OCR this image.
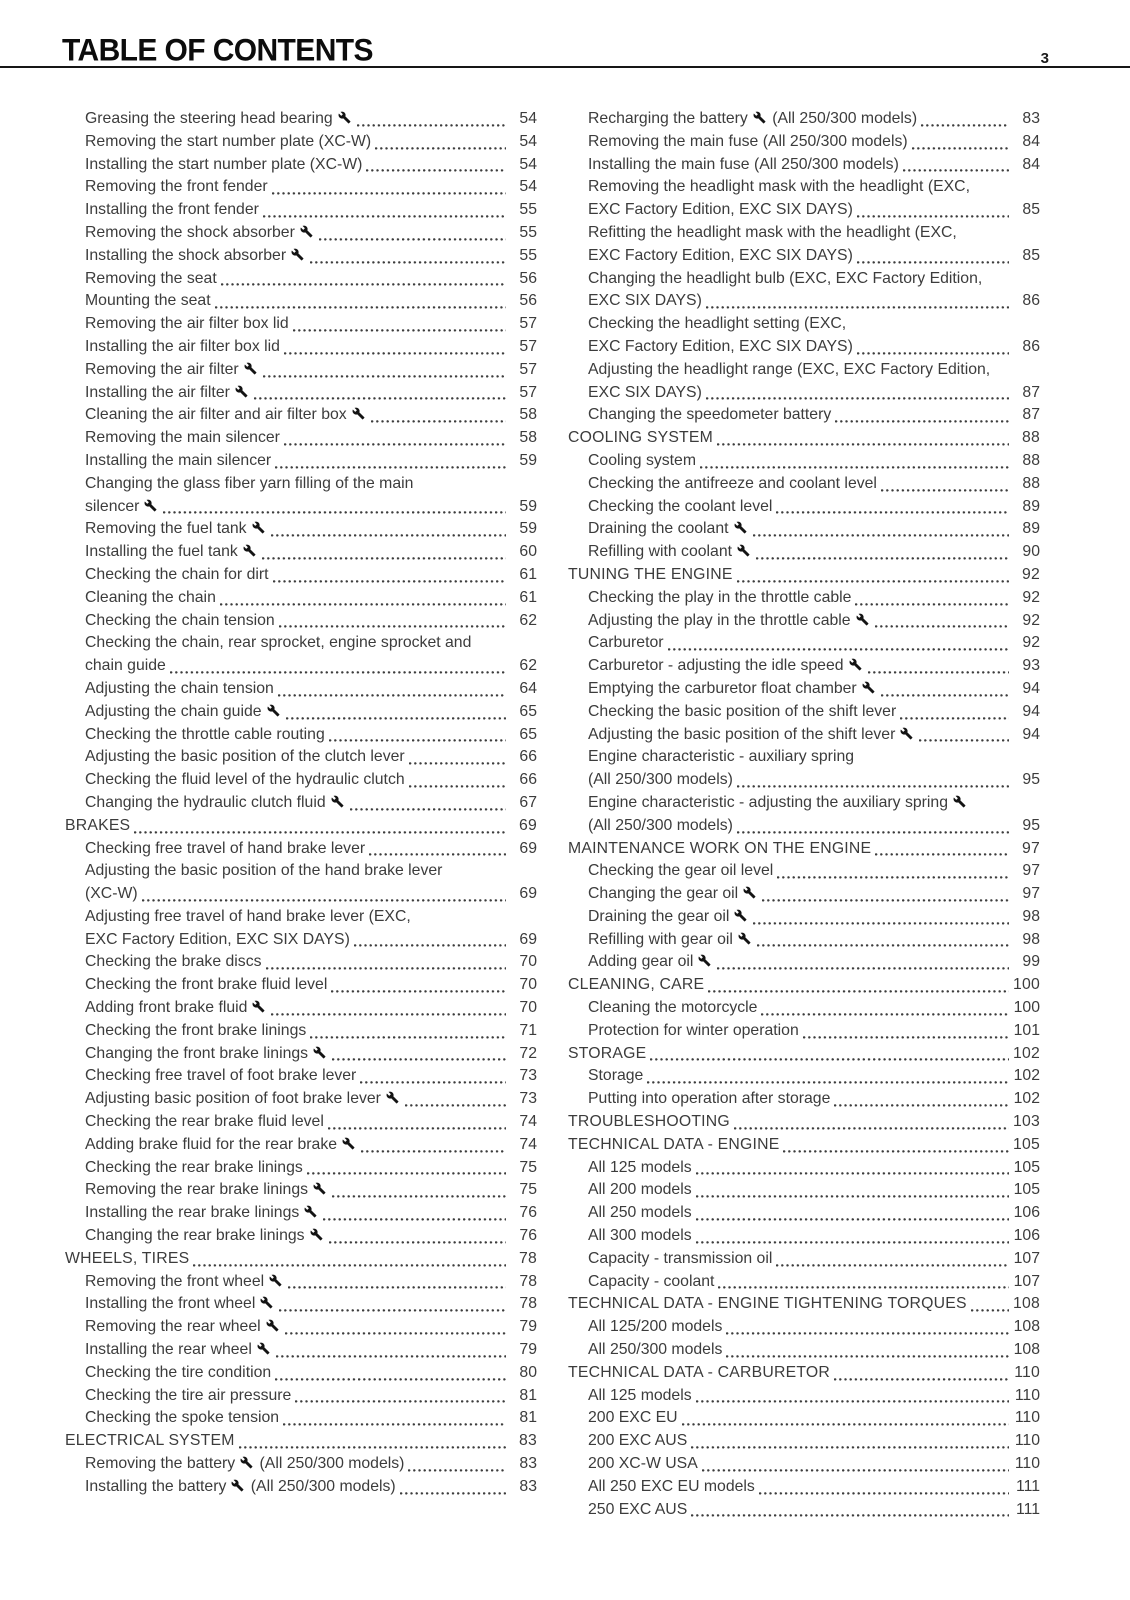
TABLE OF CONTENTS	3
Greasing the steering head bearing	54
Removing the start number plate (XC-W)	54
Installing the start number plate (XC-W)	54
Removing the front fender	54
Installing the front fender	55
Removing the shock absorber	55
Installing the shock absorber	55
Removing the seat	56
Mounting the seat	56
Removing the air filter box lid	57
Installing the air filter box lid	57
Removing the air filter	57
Installing the air filter	57
Cleaning the air filter and air filter box	58
Removing the main silencer	58
Installing the main silencer	59
Changing the glass fiber yarn filling of the main
silencer	59
Removing the fuel tank	59
Installing the fuel tank	60
Checking the chain for dirt	61
Cleaning the chain	61
Checking the chain tension	62
Checking the chain, rear sprocket, engine sprocket and
chain guide	62
Adjusting the chain tension	64
Adjusting the chain guide	65
Checking the throttle cable routing	65
Adjusting the basic position of the clutch lever	66
Checking the fluid level of the hydraulic clutch	66
Changing the hydraulic clutch fluid	67
BRAKES	69
Checking free travel of hand brake lever	69
Adjusting the basic position of the hand brake lever
(XC-W)	69
Adjusting free travel of hand brake lever (EXC,
EXC Factory Edition, EXC SIX DAYS)	69
Checking the brake discs	70
Checking the front brake fluid level	70
Adding front brake fluid	70
Checking the front brake linings	71
Changing the front brake linings	72
Checking free travel of foot brake lever	73
Adjusting basic position of foot brake lever	73
Checking the rear brake fluid level	74
Adding brake fluid for the rear brake	74
Checking the rear brake linings	75
Removing the rear brake linings	75
Installing the rear brake linings	76
Changing the rear brake linings	76
WHEELS, TIRES	78
Removing the front wheel	78
Installing the front wheel	78
Removing the rear wheel	79
Installing the rear wheel	79
Checking the tire condition	80
Checking the tire air pressure	81
Checking the spoke tension	81
ELECTRICAL SYSTEM	83
Removing the battery (All 250/300 models)	83
Installing the battery (All 250/300 models)	83
Recharging the battery (All 250/300 models)	83
Removing the main fuse (All 250/300 models)	84
Installing the main fuse (All 250/300 models)	84
Removing the headlight mask with the headlight (EXC,
EXC Factory Edition, EXC SIX DAYS)	85
Refitting the headlight mask with the headlight (EXC,
EXC Factory Edition, EXC SIX DAYS)	85
Changing the headlight bulb (EXC, EXC Factory Edition,
EXC SIX DAYS)	86
Checking the headlight setting (EXC,
EXC Factory Edition, EXC SIX DAYS)	86
Adjusting the headlight range (EXC, EXC Factory Edition,
EXC SIX DAYS)	87
Changing the speedometer battery	87
COOLING SYSTEM	88
Cooling system	88
Checking the antifreeze and coolant level	88
Checking the coolant level	89
Draining the coolant	89
Refilling with coolant	90
TUNING THE ENGINE	92
Checking the play in the throttle cable	92
Adjusting the play in the throttle cable	92
Carburetor	92
Carburetor - adjusting the idle speed	93
Emptying the carburetor float chamber	94
Checking the basic position of the shift lever	94
Adjusting the basic position of the shift lever	94
Engine characteristic - auxiliary spring
(All 250/300 models)	95
Engine characteristic - adjusting the auxiliary spring
(All 250/300 models)	95
MAINTENANCE WORK ON THE ENGINE	97
Checking the gear oil level	97
Changing the gear oil	97
Draining the gear oil	98
Refilling with gear oil	98
Adding gear oil	99
CLEANING, CARE	100
Cleaning the motorcycle	100
Protection for winter operation	101
STORAGE	102
Storage	102
Putting into operation after storage	102
TROUBLESHOOTING	103
TECHNICAL DATA - ENGINE	105
All 125 models	105
All 200 models	105
All 250 models	106
All 300 models	106
Capacity - transmission oil	107
Capacity - coolant	107
TECHNICAL DATA - ENGINE TIGHTENING TORQUES	108
All 125/200 models	108
All 250/300 models	108
TECHNICAL DATA - CARBURETOR	110
All 125 models	110
200 EXC EU	110
200 EXC AUS	110
200 XC-W USA	110
All 250 EXC EU models	111
250 EXC AUS	111
